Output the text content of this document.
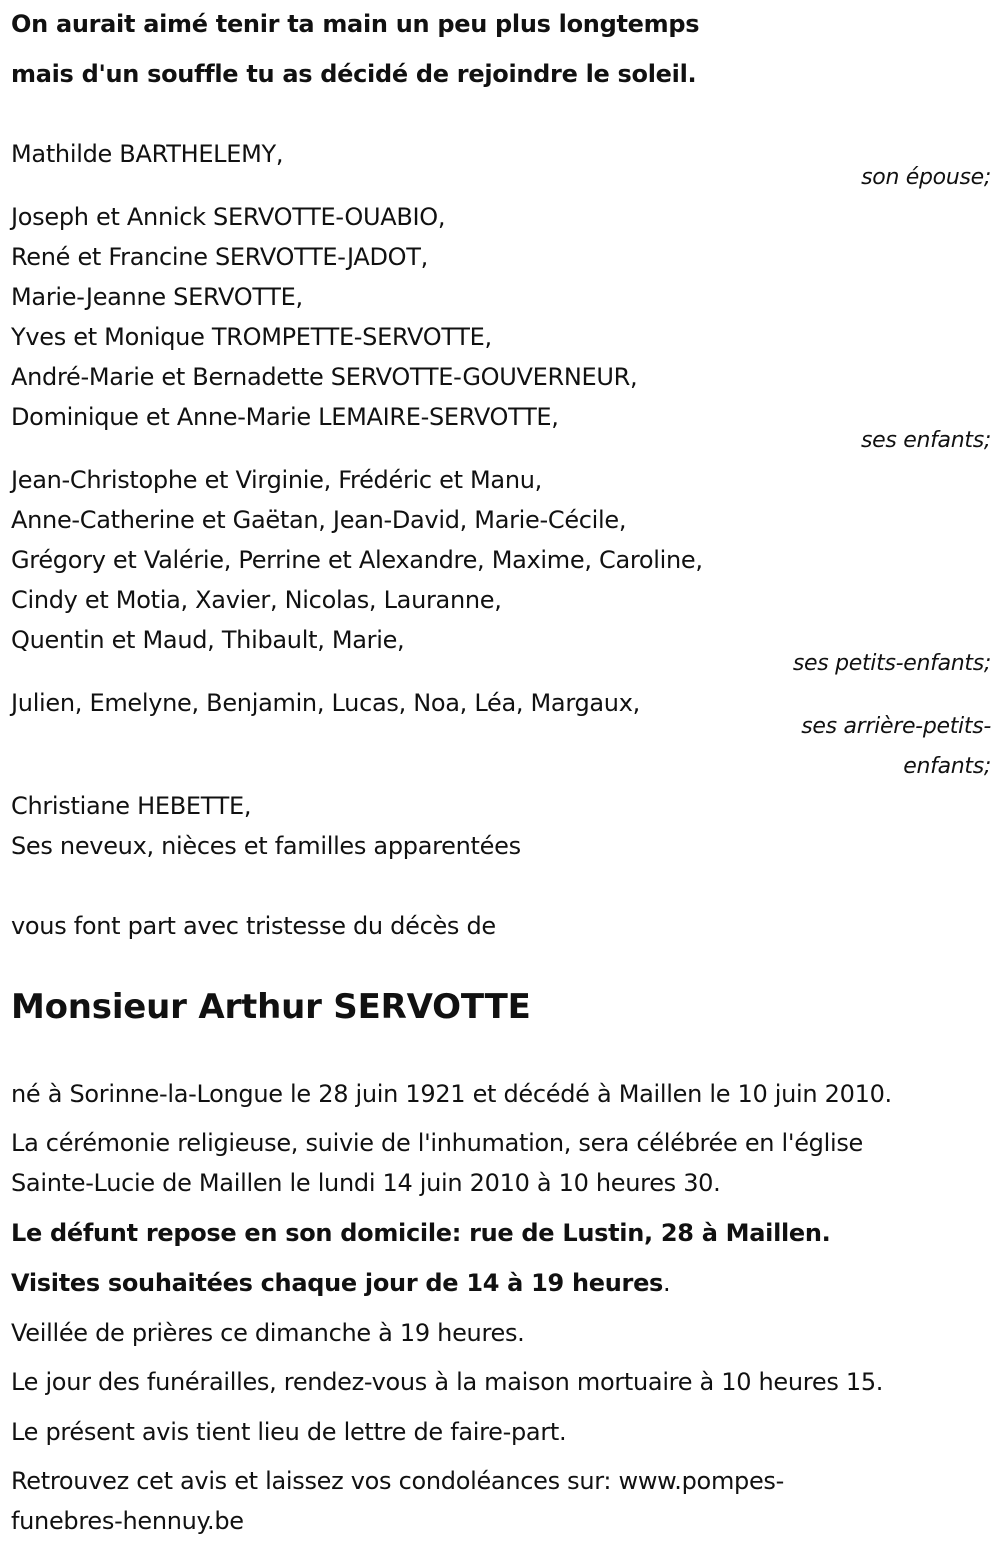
On aurait aimé tenir ta main un peu plus longtemps
mais d'un souffle tu as décidé de rejoindre le soleil.
Mathilde BARTHELEMY,
son épouse;
Joseph et Annick SERVOTTE-OUABIO,
René et Francine SERVOTTE-JADOT,
Marie-Jeanne SERVOTTE,
Yves et Monique TROMPETTE-SERVOTTE,
André-Marie et Bernadette SERVOTTE-GOUVERNEUR,
Dominique et Anne-Marie LEMAIRE-SERVOTTE,
ses enfants;
Jean-Christophe et Virginie, Frédéric et Manu,
Anne-Catherine et Gaëtan, Jean-David, Marie-Cécile,
Grégory et Valérie, Perrine et Alexandre, Maxime, Caroline,
Cindy et Motia, Xavier, Nicolas, Lauranne,
Quentin et Maud, Thibault, Marie,
ses petits-enfants;
Julien, Emelyne, Benjamin, Lucas, Noa, Léa, Margaux,
ses arrière-petits-
enfants;
Christiane HEBETTE,
Ses neveux, nièces et familles apparentées
vous font part avec tristesse du décès de
Monsieur Arthur SERVOTTE
né à Sorinne-la-Longue le 28 juin 1921 et décédé à Maillen le 10 juin 2010.
La cérémonie religieuse, suivie de l'inhumation, sera célébrée en l'église
Sainte-Lucie de Maillen le lundi 14 juin 2010 à 10 heures 30.
Le défunt repose en son domicile: rue de Lustin, 28 à Maillen.
Visites souhaitées chaque jour de 14 à 19 heures.
Veillée de prières ce dimanche à 19 heures.
Le jour des funérailles, rendez-vous à la maison mortuaire à 10 heures 15.
Le présent avis tient lieu de lettre de faire-part.
Retrouvez cet avis et laissez vos condoléances sur: www.pompes-
funebres-hennuy.be
